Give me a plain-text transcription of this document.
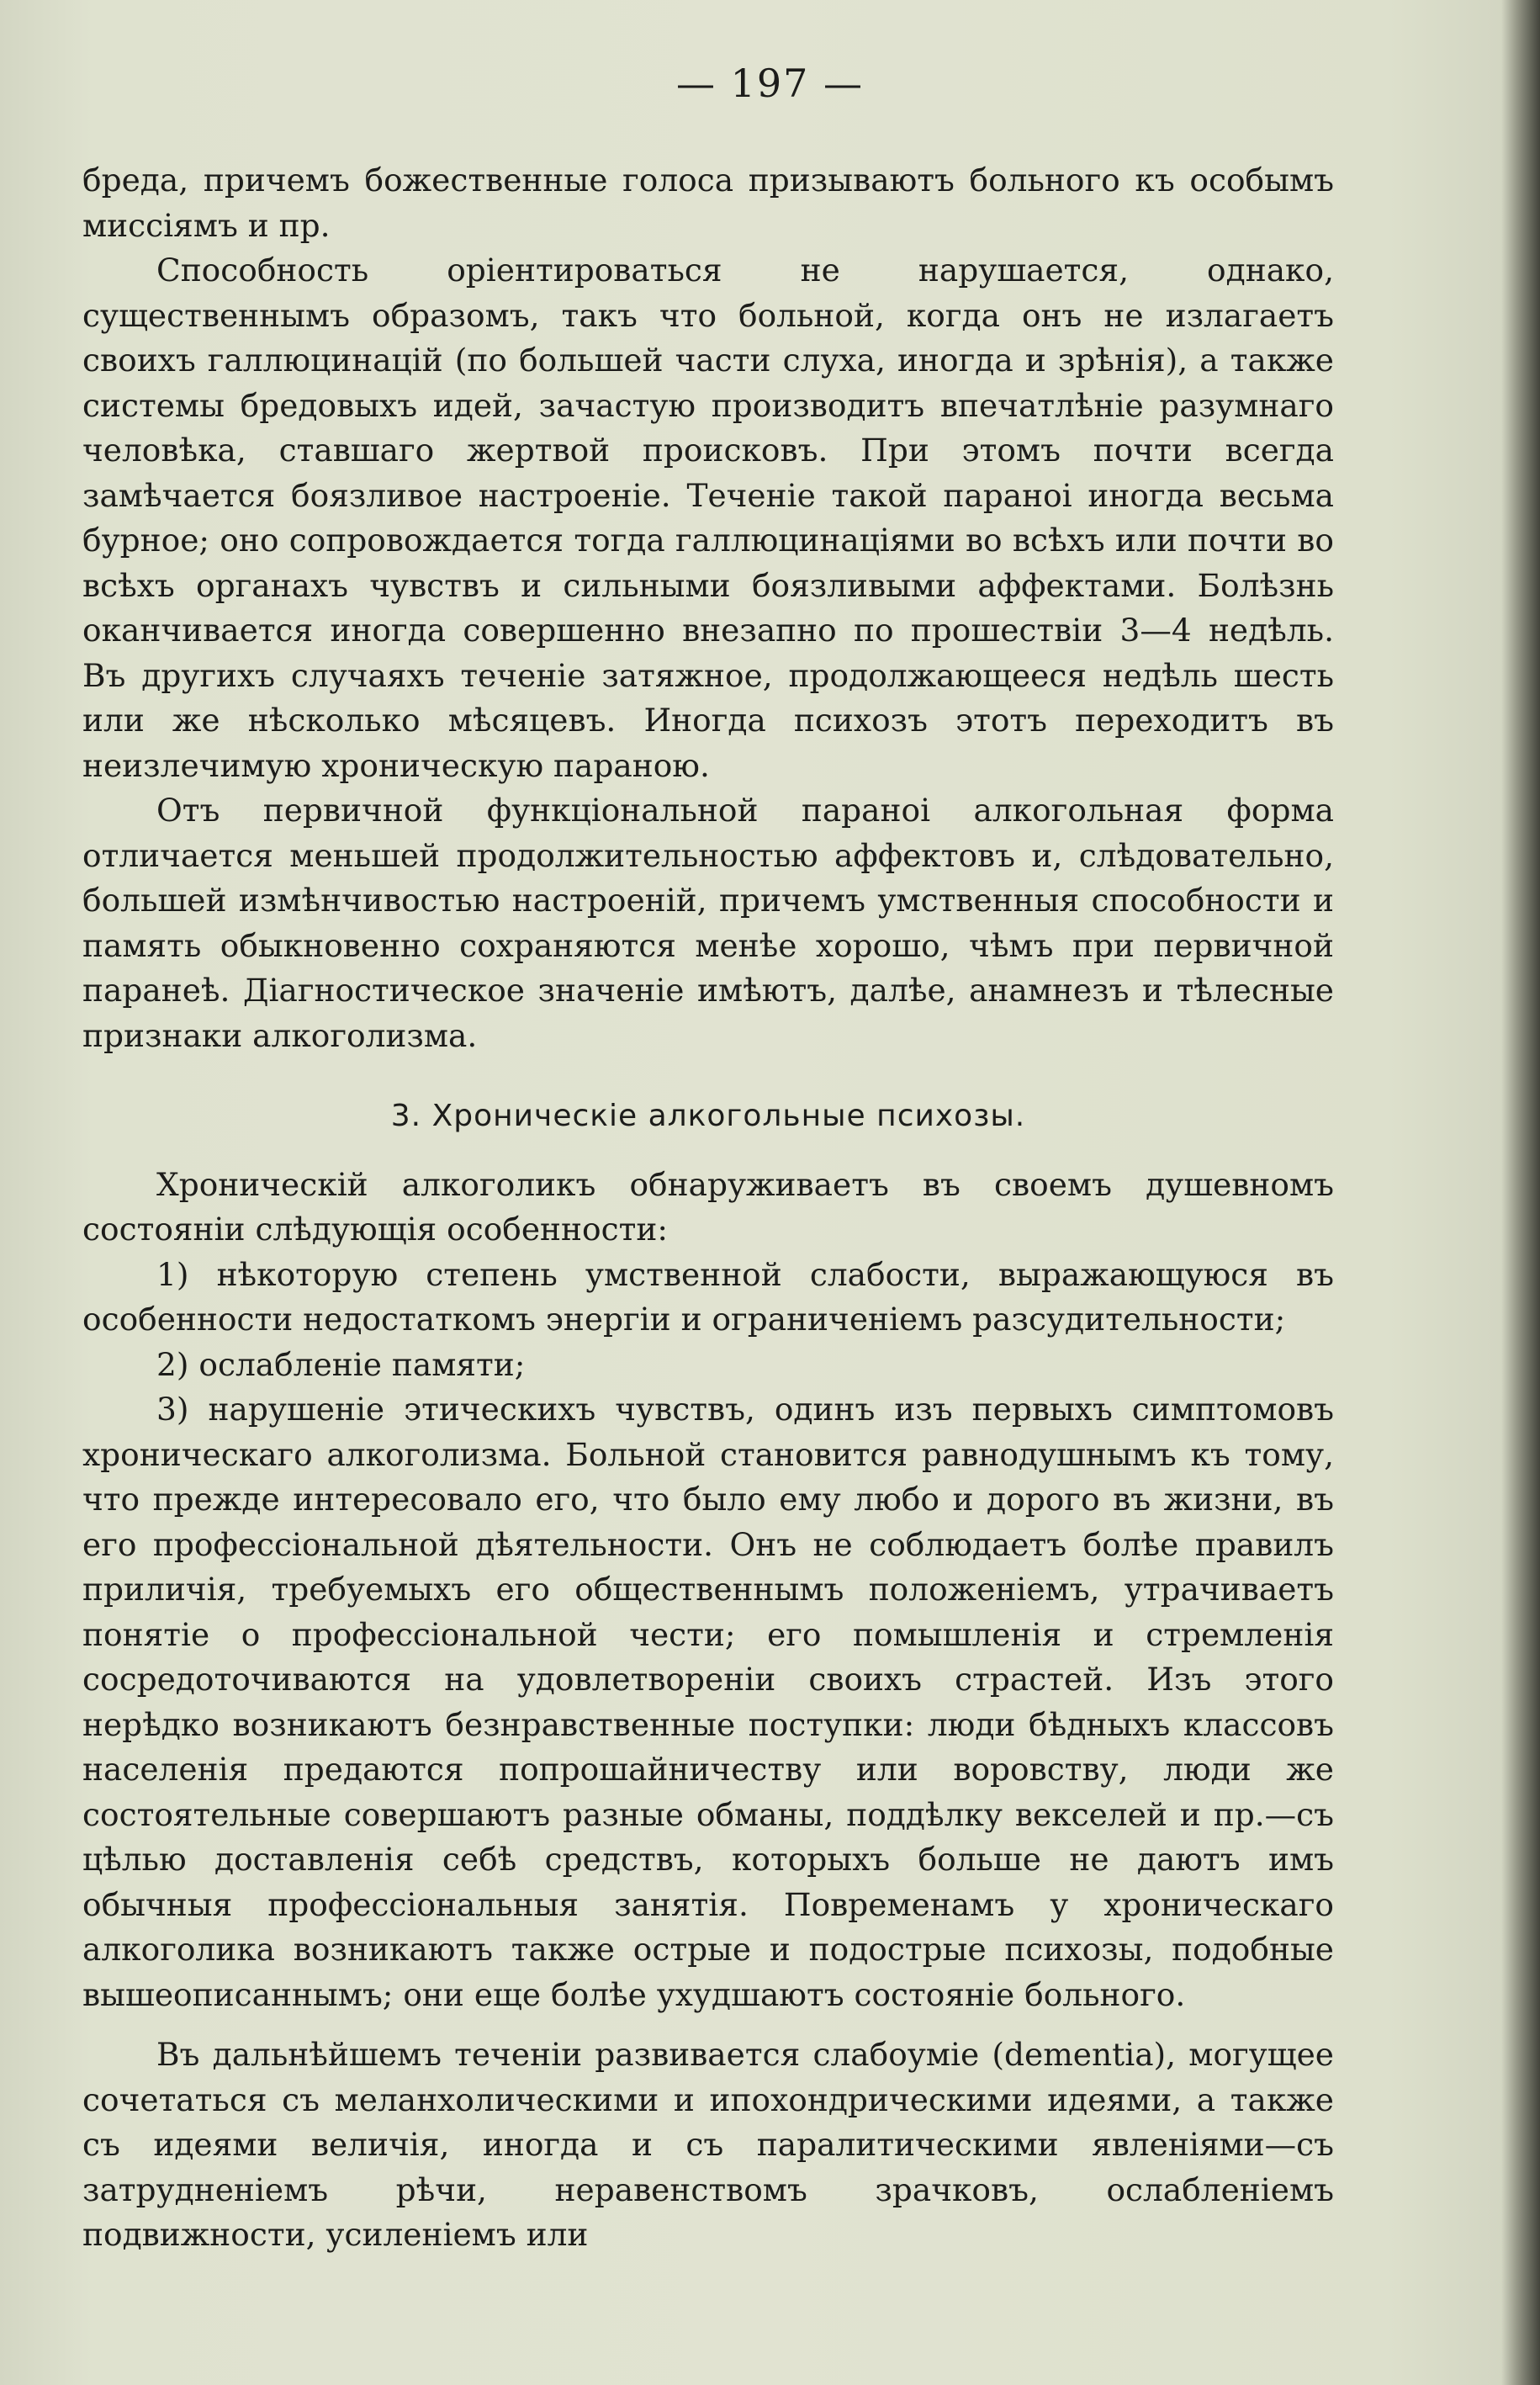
— 197 —

бреда, причемъ божественные голоса призываютъ больного къ особымъ миссіямъ и пр.

Способность оріентироваться не нарушается, однако, существеннымъ образомъ, такъ что больной, когда онъ не излагаетъ своихъ галлюцинацій (по большей части слуха, иногда и зрѣнія), а также системы бредовыхъ идей, зачастую производитъ впечатлѣніе разумнаго человѣка, ставшаго жертвой происковъ. При этомъ почти всегда замѣчается боязливое настроеніе. Теченіе такой параноі иногда весьма бурное; оно сопровождается тогда галлюцинаціями во всѣхъ или почти во всѣхъ органахъ чувствъ и сильными боязливыми аффектами. Болѣзнь оканчивается иногда совершенно внезапно по прошествіи 3—4 недѣль. Въ другихъ случаяхъ теченіе затяжное, продолжающееся недѣль шесть или же нѣсколько мѣсяцевъ. Иногда психозъ этотъ переходитъ въ неизлечимую хроническую параною.

Отъ первичной функціональной параноі алкогольная форма отличается меньшей продолжительностью аффектовъ и, слѣдовательно, большей измѣнчивостью настроеній, причемъ умственныя способности и память обыкновенно сохраняются менѣе хорошо, чѣмъ при первичной паранеѣ. Діагностическое значеніе имѣютъ, далѣе, анамнезъ и тѣлесные признаки алкоголизма.

3. Хроническіе алкогольные психозы.

Хроническій алкоголикъ обнаруживаетъ въ своемъ душевномъ состояніи слѣдующія особенности:

1) нѣкоторую степень умственной слабости, выражающуюся въ особенности недостаткомъ энергіи и ограниченіемъ разсудительности;

2) ослабленіе памяти;

3) нарушеніе этическихъ чувствъ, одинъ изъ первыхъ симптомовъ хроническаго алкоголизма. Больной становится равнодушнымъ къ тому, что прежде интересовало его, что было ему любо и дорого въ жизни, въ его профессіональной дѣятельности. Онъ не соблюдаетъ болѣе правилъ приличія, требуемыхъ его общественнымъ положеніемъ, утрачиваетъ понятіе о профессіональной чести; его помышленія и стремленія сосредоточиваются на удовлетвореніи своихъ страстей. Изъ этого нерѣдко возникаютъ безнравственные поступки: люди бѣдныхъ классовъ населенія предаются попрошайничеству или воровству, люди же состоятельные совершаютъ разные обманы, поддѣлку векселей и пр.—съ цѣлью доставленія себѣ средствъ, которыхъ больше не даютъ имъ обычныя профессіональныя занятія. Повременамъ у хроническаго алкоголика возникаютъ также острые и подострые психозы, подобные вышеописаннымъ; они еще болѣе ухудшаютъ состояніе больного.

Въ дальнѣйшемъ теченіи развивается слабоуміе (dementia), могущее сочетаться съ меланхолическими и ипохондрическими идеями, а также съ идеями величія, иногда и съ паралитическими явленіями—съ затрудненіемъ рѣчи, неравенствомъ зрачковъ, ослабленіемъ подвижности, усиленіемъ или
